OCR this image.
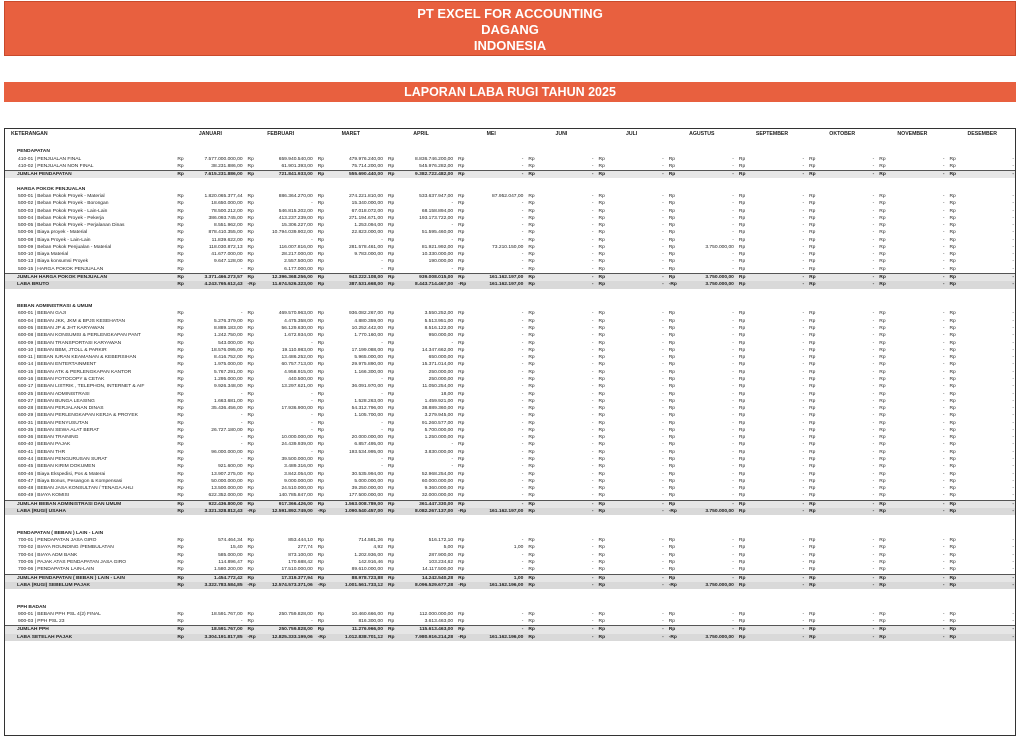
PT EXCEL FOR ACCOUNTING
DAGANG
INDONESIA
LAPORAN LABA RUGI TAHUN 2025
KETERANGAN	JANUARI		FEBRUARI		MARET		APRIL		MEI		JUNI		JULI		AGUSTUS		SEPTEMBER		OKTOBER		NOVEMBER		DESEMBER	

PENDAPATAN																								
410-01 | PENJUALAN FINAL	Rp	7.577.000.000,00	Rp	659.940.540,00	Rp	479.976.240,00	Rp	8.836.746.200,00	Rp	-	Rp	-	Rp	-	Rp	-	Rp	-	Rp	-	Rp	-	Rp	-
410-02 | PENJUALAN NON FINAL	Rp	38.231.886,00	Rp	61.901.393,00	Rp	75.714.200,00	Rp	545.976.282,00	Rp	-	Rp	-	Rp	-	Rp	-	Rp	-	Rp	-	Rp	-	Rp	-
JUMLAH PENDAPATAN	Rp	7.615.231.886,00	Rp	721.841.933,00	Rp	555.690.440,00	Rp	9.382.722.482,00	Rp	-	Rp	-	Rp	-	Rp	-	Rp	-	Rp	-	Rp	-	Rp	-

HARGA POKOK PENJUALAN																								
500-01 | Beban Pokok Proyek - Material	Rp	1.820.065.377,44	Rp	886.364.270,00	Rp	274.221.810,00	Rp	533.637.947,00	Rp	87.952.047,00	Rp	-	Rp	-	Rp	-	Rp	-	Rp	-	Rp	-	Rp	-
500-02 | Beban Pokok Proyek - Borongan	Rp	18.650.000,00	Rp	-	Rp	15.340.000,00	Rp	-	Rp	-	Rp	-	Rp	-	Rp	-	Rp	-	Rp	-	Rp	-	Rp	-
500-03 | Beban Pokok Proyek - Lain-Lain	Rp	78.500.212,00	Rp	546.815.202,00	Rp	67.018.072,00	Rp	68.158.894,00	Rp	-	Rp	-	Rp	-	Rp	-	Rp	-	Rp	-	Rp	-	Rp	-
500-04 | Beban Pokok Proyek - Pekerja	Rp	386.093.745,00	Rp	413.237.239,00	Rp	271.194.671,00	Rp	193.173.722,00	Rp	-	Rp	-	Rp	-	Rp	-	Rp	-	Rp	-	Rp	-	Rp	-
500-05 | Beban Pokok Proyek - Perjalanan Dinas	Rp	8.551.962,00	Rp	15.306.227,00	Rp	1.253.094,00	Rp	-	Rp	-	Rp	-	Rp	-	Rp	-	Rp	-	Rp	-	Rp	-	Rp	-
500-06 | Biaya proyek - Material	Rp	878.410.355,00	Rp	10.794.039.902,00	Rp	22.823.000,00	Rp	51.595.460,00	Rp	-	Rp	-	Rp	-	Rp	-	Rp	-	Rp	-	Rp	-	Rp	-
500-08 | Biaya Proyek - Lain-Lain	Rp	11.839.622,00	Rp	-	Rp	-	Rp	-	Rp	-	Rp	-	Rp	-	Rp	-	Rp	-	Rp	-	Rp	-	Rp	-
500-09 | Beban Pokok Penjualan - Material	Rp	118.030.872,13	Rp	116.007.816,00	Rp	281.578.461,00	Rp	81.921.992,00	Rp	73.210.150,00	Rp	-	Rp	-	Rp	3.750.000,00	Rp	-	Rp	-	Rp	-	Rp	-
500-10 | Biaya Material	Rp	41.677.000,00	Rp	28.217.000,00	Rp	9.783.000,00	Rp	10.330.000,00	Rp	-	Rp	-	Rp	-	Rp	-	Rp	-	Rp	-	Rp	-	Rp	-
500-13 | Biaya konsumsi Proyek	Rp	9.647.128,00	Rp	2.557.500,00	Rp	-	Rp	190.000,00	Rp	-	Rp	-	Rp	-	Rp	-	Rp	-	Rp	-	Rp	-	Rp	-
500-15 | HARGA POKOK PENJUALAN	Rp	-	Rp	6.177.000,00	Rp	-	Rp	-	Rp	-	Rp	-	Rp	-	Rp	-	Rp	-	Rp	-	Rp	-	Rp	-
JUMLAH HARGA POKOK PENJUALAN	Rp	3.371.466.273,57	Rp	12.396.368.256,00	Rp	943.222.108,00	Rp	939.008.015,00	Rp	161.162.197,00	Rp	-	Rp	-	Rp	3.750.000,00	Rp	-	Rp	-	Rp	-	Rp	-
LABA BRUTO	Rp	4.243.765.612,43	-Rp	11.674.526.323,00	Rp	387.531.668,00	Rp	8.443.714.467,00	-Rp	161.162.197,00	Rp	-	Rp	-	-Rp	3.750.000,00	Rp	-	Rp	-	Rp	-	Rp	-

BEBAN ADMINISTRASI & UMUM																								
600-01 | BEBAN GAJI	Rp	-	Rp	469.570.963,00	Rp	936.082.267,00	Rp	3.550.252,00	Rp	-	Rp	-	Rp	-	Rp	-	Rp	-	Rp	-	Rp	-	Rp	-
600-04 | BEBAN JKK, JKM & BPJS KESEHATAN	Rp	5.276.379,00	Rp	4.475.358,00	Rp	4.880.359,00	Rp	5.513.951,00	Rp	-	Rp	-	Rp	-	Rp	-	Rp	-	Rp	-	Rp	-	Rp	-
600-05 | BEBAN JP & JHT KARYAWAN	Rp	8.889.183,00	Rp	56.129.630,00	Rp	10.252.442,00	Rp	8.516.122,00	Rp	-	Rp	-	Rp	-	Rp	-	Rp	-	Rp	-	Rp	-	Rp	-
600-08 | BEBAN KONSUMSI & PERLENGKAPAN PANT	Rp	1.242.750,00	Rp	1.672.934,00	Rp	1.770.160,00	Rp	950.000,00	Rp	-	Rp	-	Rp	-	Rp	-	Rp	-	Rp	-	Rp	-	Rp	-
600-09 | BEBAN TRANSPORTASI KARYAWAN	Rp	543.000,00	Rp	-	Rp	-	Rp	-	Rp	-	Rp	-	Rp	-	Rp	-	Rp	-	Rp	-	Rp	-	Rp	-
600-10 | BEBAN BBM, JTOLL & PARKIR	Rp	18.576.095,00	Rp	19.110.983,00	Rp	17.199.088,00	Rp	14.347.662,00	Rp	-	Rp	-	Rp	-	Rp	-	Rp	-	Rp	-	Rp	-	Rp	-
600-11 | BEBAN IURAN KEAMANAN & KEBERSIHAN	Rp	8.416.752,00	Rp	13.486.252,00	Rp	5.965.000,00	Rp	650.000,00	Rp	-	Rp	-	Rp	-	Rp	-	Rp	-	Rp	-	Rp	-	Rp	-
600-14 | BEBAN ENTERTAINMENT	Rp	1.975.000,00	Rp	60.757.713,00	Rp	29.975.890,00	Rp	15.371.014,00	Rp	-	Rp	-	Rp	-	Rp	-	Rp	-	Rp	-	Rp	-	Rp	-
600-15 | BEBAN ATK & PERLENGKAPAN KANTOR	Rp	5.767.291,00	Rp	4.958.915,00	Rp	1.166.300,00	Rp	250.000,00	Rp	-	Rp	-	Rp	-	Rp	-	Rp	-	Rp	-	Rp	-	Rp	-
600-16 | BEBAN FOTOCOPY & CETAK	Rp	1.295.000,00	Rp	440.500,00	Rp	-	Rp	250.000,00	Rp	-	Rp	-	Rp	-	Rp	-	Rp	-	Rp	-	Rp	-	Rp	-
600-17 | BEBAN LISTRIK , TELEPHON, INTERNET & AIF	Rp	9.926.348,00	Rp	13.297.621,00	Rp	36.091.970,00	Rp	11.050.254,00	Rp	-	Rp	-	Rp	-	Rp	-	Rp	-	Rp	-	Rp	-	Rp	-
600-25 | BEBAN ADMINISTRASI	Rp	-	Rp	-	Rp	-	Rp	18,00	Rp	-	Rp	-	Rp	-	Rp	-	Rp	-	Rp	-	Rp	-	Rp	-
600-27 | BEBAN BUNGA LEASING	Rp	1.663.681,00	Rp	-	Rp	1.528.263,00	Rp	1.459.921,00	Rp	-	Rp	-	Rp	-	Rp	-	Rp	-	Rp	-	Rp	-	Rp	-
600-28 | BEBAN PERJALANAN DINAS	Rp	35.436.456,00	Rp	17.936.900,00	Rp	54.312.796,00	Rp	38.889.360,00	Rp	-	Rp	-	Rp	-	Rp	-	Rp	-	Rp	-	Rp	-	Rp	-
600-29 | BEBAN PERLENGKAPAN KERJA & PROYEK	Rp	-	Rp	-	Rp	1.105.700,00	Rp	3.279.945,00	Rp	-	Rp	-	Rp	-	Rp	-	Rp	-	Rp	-	Rp	-	Rp	-
600-31 | BEBAN PENYUSUTAN	Rp	-	Rp	-	Rp	-	Rp	91.260.577,00	Rp	-	Rp	-	Rp	-	Rp	-	Rp	-	Rp	-	Rp	-	Rp	-
600-35 | BEBAN SEWA ALAT BERAT	Rp	26.727.180,00	Rp	-	Rp	-	Rp	5.700.000,00	Rp	-	Rp	-	Rp	-	Rp	-	Rp	-	Rp	-	Rp	-	Rp	-
600-36 | BEBAN TRAINING	Rp	-	Rp	10.000.000,00	Rp	20.000.000,00	Rp	1.250.000,00	Rp	-	Rp	-	Rp	-	Rp	-	Rp	-	Rp	-	Rp	-	Rp	-
600-40 | BEBAN PAJAK	Rp	-	Rp	24.439.939,00	Rp	6.857.495,00	Rp	-	Rp	-	Rp	-	Rp	-	Rp	-	Rp	-	Rp	-	Rp	-	Rp	-
600-41 | BEBAN THR	Rp	96.000.000,00	Rp	-	Rp	193.534.995,00	Rp	3.830.000,00	Rp	-	Rp	-	Rp	-	Rp	-	Rp	-	Rp	-	Rp	-	Rp	-
600-44 | BEBAN PENGURUSAN SURAT	Rp	-	Rp	39.500.000,00	Rp	-	Rp	-	Rp	-	Rp	-	Rp	-	Rp	-	Rp	-	Rp	-	Rp	-	Rp	-
600-45 | BEBAN KIRIM DOKUMEN	Rp	921.600,00	Rp	3.489.316,00	Rp	-	Rp	-	Rp	-	Rp	-	Rp	-	Rp	-	Rp	-	Rp	-	Rp	-	Rp	-
600-46 | Biaya Ekspedisi, Pos & Materai	Rp	13.907.275,00	Rp	3.842.054,00	Rp	30.535.994,00	Rp	52.968.254,00	Rp	-	Rp	-	Rp	-	Rp	-	Rp	-	Rp	-	Rp	-	Rp	-
600-47 | Biaya Bonus, Pesangon & Kompensasi	Rp	50.000.000,00	Rp	9.000.000,00	Rp	5.000.000,00	Rp	60.000.000,00	Rp	-	Rp	-	Rp	-	Rp	-	Rp	-	Rp	-	Rp	-	Rp	-
600-48 | BEBAN JASA KONSULTAN / TENAGA AHLI	Rp	13.500.000,00	Rp	24.510.000,00	Rp	39.250.000,00	Rp	9.360.000,00	Rp	-	Rp	-	Rp	-	Rp	-	Rp	-	Rp	-	Rp	-	Rp	-
600-49 | BIAYA KOMISI	Rp	622.352.000,00	Rp	140.785.847,00	Rp	177.500.000,00	Rp	32.000.000,00	Rp	-	Rp	-	Rp	-	Rp	-	Rp	-	Rp	-	Rp	-	Rp	-
JUMLAH BEBAN ADMINISTRASI DAN UMUM	Rp	922.436.800,00	Rp	917.366.426,00	Rp	1.563.008.789,00	Rp	361.447.330,00	Rp	-	Rp	-	Rp	-	Rp	-	Rp	-	Rp	-	Rp	-	Rp	-
LABA (RUGI) USAHA	Rp	3.321.328.812,43	-Rp	12.591.892.749,00	-Rp	1.090.540.457,00	Rp	8.082.267.137,00	-Rp	161.162.197,00	Rp	-	Rp	-	-Rp	3.750.000,00	Rp	-	Rp	-	Rp	-	Rp	-

PENDAPATAN ( BEBAN ) LAIN - LAIN																								
700-01 | PENDAPATAN JASA GIRO	Rp	574.464,34	Rp	853.444,10	Rp	714.581,26	Rp	516.172,10	Rp	-	Rp	-	Rp	-	Rp	-	Rp	-	Rp	-	Rp	-	Rp	-
700-02 | BIAYA ROUNDING /PEMBULATAN	Rp	15,40	Rp	277,74	Rp	4,92	Rp	5,00	Rp	1,00	Rp	-	Rp	-	Rp	-	Rp	-	Rp	-	Rp	-	Rp	-
700-04 | BIAYA ADM BANK	Rp	585.000,00	Rp	873.100,00	Rp	1.202.936,00	Rp	287.900,00	Rp	-	Rp	-	Rp	-	Rp	-	Rp	-	Rp	-	Rp	-	Rp	-
700-05 | PAJAK ATAS PENDAPATAN JASA GIRO	Rp	114.896,47	Rp	170.688,42	Rp	142.916,46	Rp	103.234,62	Rp	-	Rp	-	Rp	-	Rp	-	Rp	-	Rp	-	Rp	-	Rp	-
700-06 | PENDAPATAN LAIN-LAIN	Rp	1.580.200,00	Rp	17.510.000,00	Rp	89.610.000,00	Rp	14.117.500,00	Rp	-	Rp	-	Rp	-	Rp	-	Rp	-	Rp	-	Rp	-	Rp	-
JUMLAH PENDAPATAN ( BEBAN ) LAIN - LAIN	Rp	1.454.772,42	Rp	17.319.377,94	Rp	88.978.723,88	Rp	14.242.540,28	Rp	1,00	Rp	-	Rp	-	Rp	-	Rp	-	Rp	-	Rp	-	Rp	-
LABA (RUGI) SEBELUM PAJAK	Rp	3.322.783.584,85	-Rp	12.574.573.371,06	-Rp	1.001.561.733,12	Rp	8.096.529.677,28	-Rp	161.162.196,00	Rp	-	Rp	-	-Rp	3.750.000,00	Rp	-	Rp	-	Rp	-	Rp	-

PPH BADAN																								
900-01 | BEBAN PPH PSL 4(2) FINAL	Rp	18.591.767,00	Rp	250.759.828,00	Rp	10.460.666,00	Rp	112.000.000,00	Rp	-	Rp	-	Rp	-	Rp	-	Rp	-	Rp	-	Rp	-	Rp	-
900-03 | PPH PSL 23	Rp	-	Rp	-	Rp	816.300,00	Rp	3.613.463,00	Rp	-	Rp	-	Rp	-	Rp	-	Rp	-	Rp	-	Rp	-	Rp	-
JUMLAH PPH	Rp	18.591.767,00	Rp	250.759.828,00	Rp	11.276.966,00	Rp	115.613.463,00	Rp	-	Rp	-	Rp	-	Rp	-	Rp	-	Rp	-	Rp	-	Rp	-
LABA SETELAH PAJAK	Rp	3.304.191.817,85	-Rp	12.825.333.199,06	-Rp	1.012.838.701,12	Rp	7.980.916.214,28	-Rp	161.162.196,00	Rp	-	Rp	-	-Rp	3.750.000,00	Rp	-	Rp	-	Rp	-	Rp	-
